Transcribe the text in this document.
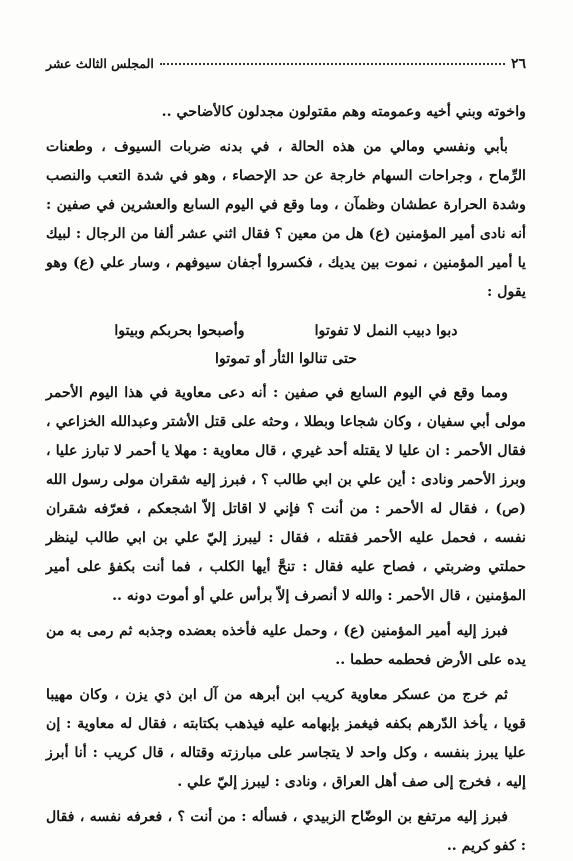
٢٦
المجلس الثالث عشر

واخوته وبني أخيه وعمومته وهم مقتولون مجدلون كالأضاحي ..

بأبي ونفسي ومالي من هذه الحالة ، في بدنه ضربات السيوف ، وطعنات الرِّماح ، وجراحات السهام خارجة عن حد الإحصاء ، وهو في شدة التعب والنصب وشدة الحرارة عطشان وظمآن ، وما وقع في اليوم السابع والعشرين في صفين : أنه نادى أمير المؤمنين (ع) هل من معين ؟ فقال اثني عشر ألفا من الرجال : لبيك يا أمير المؤمنين ، نموت بين يديك ، فكسروا أجفان سيوفهم ، وسار علي (ع) وهو يقول :

دبوا دبيب النمل لا تفوتوا
وأصبحوا بحربكم وبيتوا
حتى تنالوا الثأر أو تموتوا

ومما وقع في اليوم السابع في صفين : أنه دعى معاوية في هذا اليوم الأحمر مولى أبي سفيان ، وكان شجاعا وبطلا ، وحثه على قتل الأشتر وعبدالله الخزاعي ، فقال الأحمر : ان عليا لا يقتله أحد غيري ، قال معاوية : مهلا يا أحمر لا تبارز عليا ، وبرز الأحمر ونادى : أين علي بن ابي طالب ؟ ، فبرز إليه شقران مولى رسول الله (ص) ، فقال له الأحمر : من أنت ؟ فإني لا اقاتل إلاّ اشجعكم ، فعرّفه شقران نفسه ، فحمل عليه الأحمر فقتله ، فقال : ليبرز إليّ علي بن ابي طالب لينظر حملتي وضربتي ، فصاح عليه فقال : تنحَّ أيها الكلب ، فما أنت بكفؤ على أمير المؤمنين ، قال الأحمر : والله لا أنصرف إلاّ برأس علي أو أموت دونه ..

فبرز إليه أمير المؤمنين (ع) ، وحمل عليه فأخذه بعضده وجذبه ثم رمى به من يده على الأرض فحطمه حطما ..

ثم خرج من عسكر معاوية كريب ابن أبرهه من آل ابن ذي يزن ، وكان مهيبا قويا ، يأخذ الدّرهم بكفه فيغمز بإبهامه عليه فيذهب بكتابته ، فقال له معاوية : إن عليا يبرز بنفسه ، وكل واحد لا يتجاسر على مبارزته وقتاله ، قال كريب : أنا أبرز إليه ، فخرج إلى صف أهل العراق ، ونادى : ليبرز إليّ علي .

فبرز إليه مرتفع بن الوضّاح الزبيدي ، فسأله : من أنت ؟ ، فعرفه نفسه ، فقال : كفو كريم ..
